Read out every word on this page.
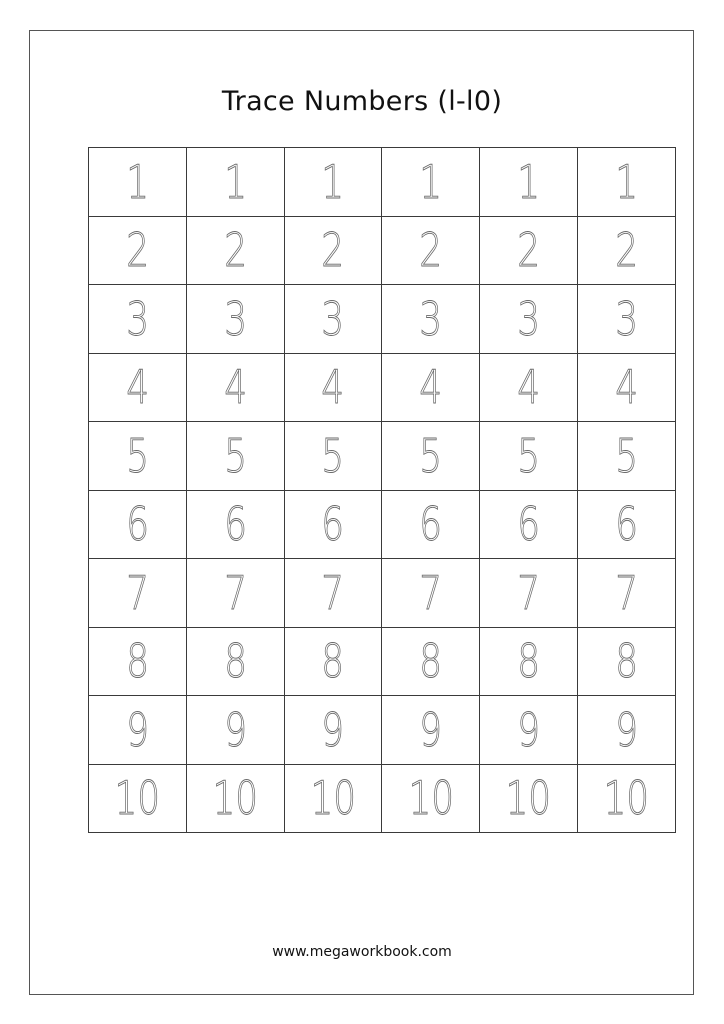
Trace Numbers (l-l0)
1	1	1	1	1	1
2	2	2	2	2	2
3	3	3	3	3	3
4	4	4	4	4	4
5	5	5	5	5	5
6	6	6	6	6	6
7	7	7	7	7	7
8	8	8	8	8	8
9	9	9	9	9	9
10	10	10	10	10	10
www.megaworkbook.com
